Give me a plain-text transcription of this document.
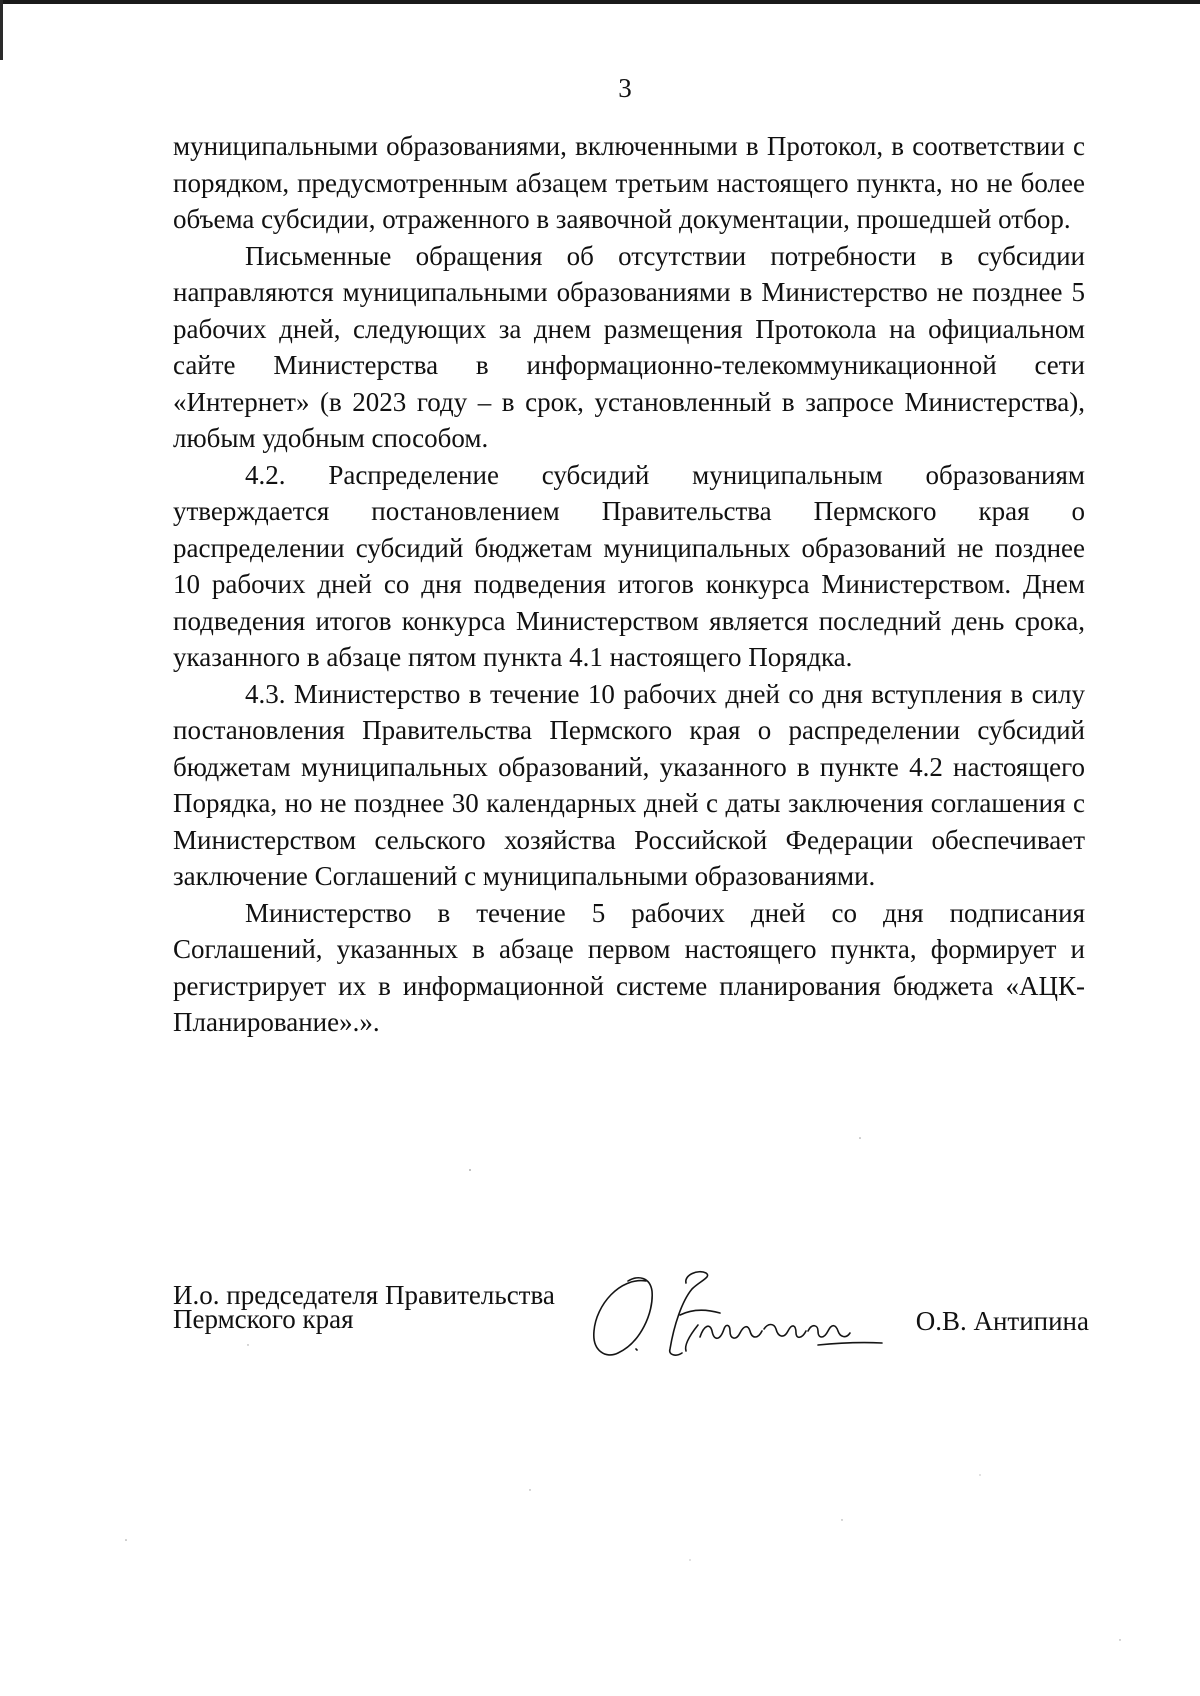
3

муниципальными образованиями, включенными в Протокол, в соответствии с порядком, предусмотренным абзацем третьим настоящего пункта, но не более объема субсидии, отраженного в заявочной документации, прошедшей отбор.

Письменные обращения об отсутствии потребности в субсидии направляются муниципальными образованиями в Министерство не позднее 5 рабочих дней, следующих за днем размещения Протокола на официальном сайте Министерства в информационно-телекоммуникационной сети «Интернет» (в 2023 году – в срок, установленный в запросе Министерства), любым удобным способом.

4.2. Распределение субсидий муниципальным образованиям утверждается постановлением Правительства Пермского края о распределении субсидий бюджетам муниципальных образований не позднее 10 рабочих дней со дня подведения итогов конкурса Министерством. Днем подведения итогов конкурса Министерством является последний день срока, указанного в абзаце пятом пункта 4.1 настоящего Порядка.

4.3. Министерство в течение 10 рабочих дней со дня вступления в силу постановления Правительства Пермского края о распределении субсидий бюджетам муниципальных образований, указанного в пункте 4.2 настоящего Порядка, но не позднее 30 календарных дней с даты заключения соглашения с Министерством сельского хозяйства Российской Федерации обеспечивает заключение Соглашений с муниципальными образованиями.

Министерство в течение 5 рабочих дней со дня подписания Соглашений, указанных в абзаце первом настоящего пункта, формирует и регистрирует их в информационной системе планирования бюджета «АЦК-Планирование».».

И.о. председателя Правительства
Пермского края	О.В. Антипина
